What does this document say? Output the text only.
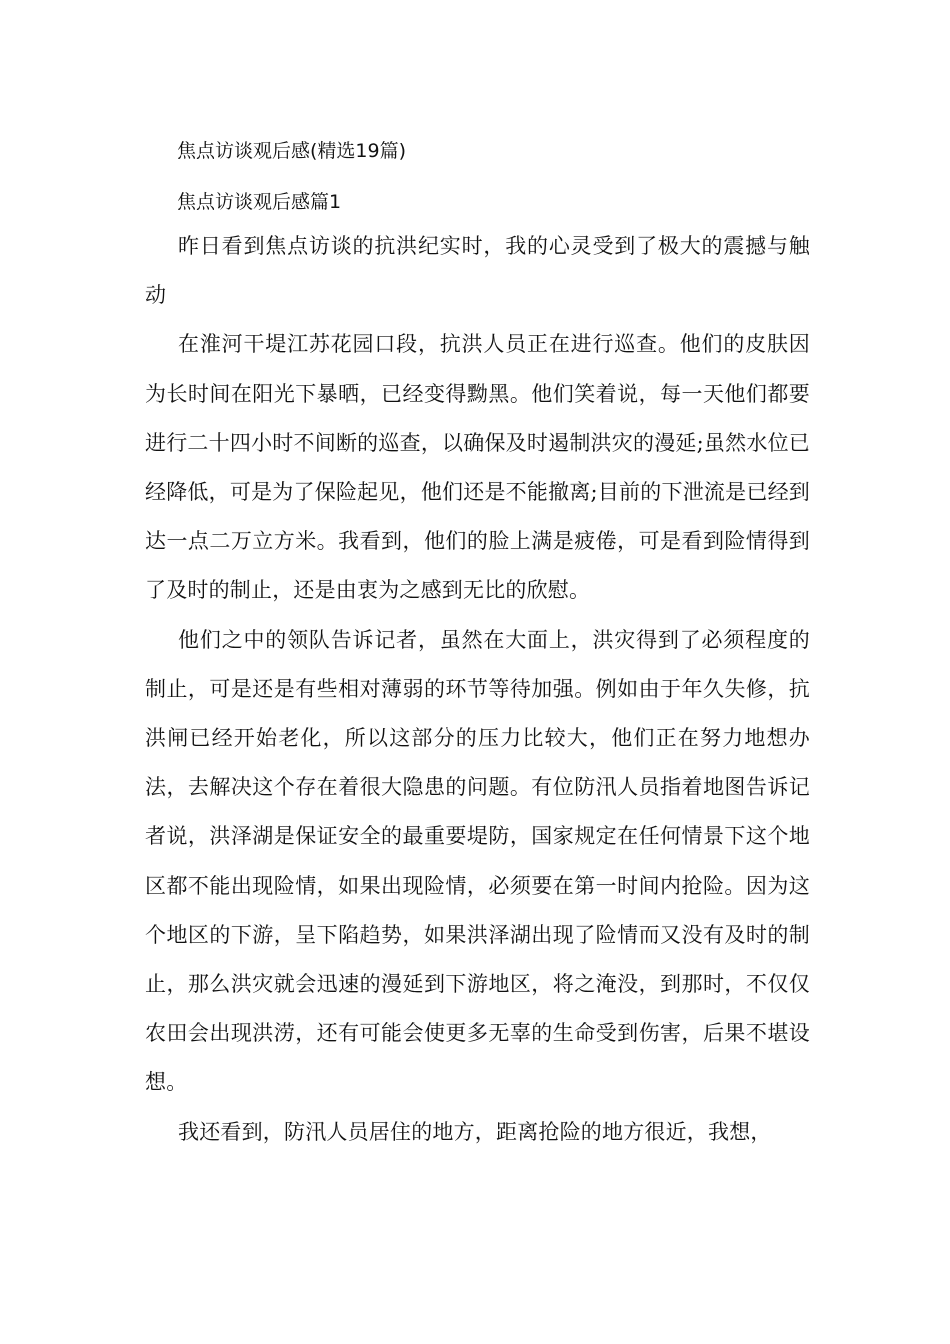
焦点访谈观后感(精选19篇)
焦点访谈观后感篇1

昨日看到焦点访谈的抗洪纪实时，我的心灵受到了极大的震撼与触动

在淮河干堤江苏花园口段，抗洪人员正在进行巡查。他们的皮肤因为长时间在阳光下暴晒，已经变得黝黑。他们笑着说，每一天他们都要进行二十四小时不间断的巡查，以确保及时遏制洪灾的漫延;虽然水位已经降低，可是为了保险起见，他们还是不能撤离;目前的下泄流是已经到达一点二万立方米。我看到，他们的脸上满是疲倦，可是看到险情得到了及时的制止，还是由衷为之感到无比的欣慰。

他们之中的领队告诉记者，虽然在大面上，洪灾得到了必须程度的制止，可是还是有些相对薄弱的环节等待加强。例如由于年久失修，抗洪闸已经开始老化，所以这部分的压力比较大，他们正在努力地想办法，去解决这个存在着很大隐患的问题。有位防汛人员指着地图告诉记者说，洪泽湖是保证安全的最重要堤防，国家规定在任何情景下这个地区都不能出现险情，如果出现险情，必须要在第一时间内抢险。因为这个地区的下游，呈下陷趋势，如果洪泽湖出现了险情而又没有及时的制止，那么洪灾就会迅速的漫延到下游地区，将之淹没，到那时，不仅仅农田会出现洪涝，还有可能会使更多无辜的生命受到伤害，后果不堪设想。

我还看到，防汛人员居住的地方，距离抢险的地方很近，我想，
